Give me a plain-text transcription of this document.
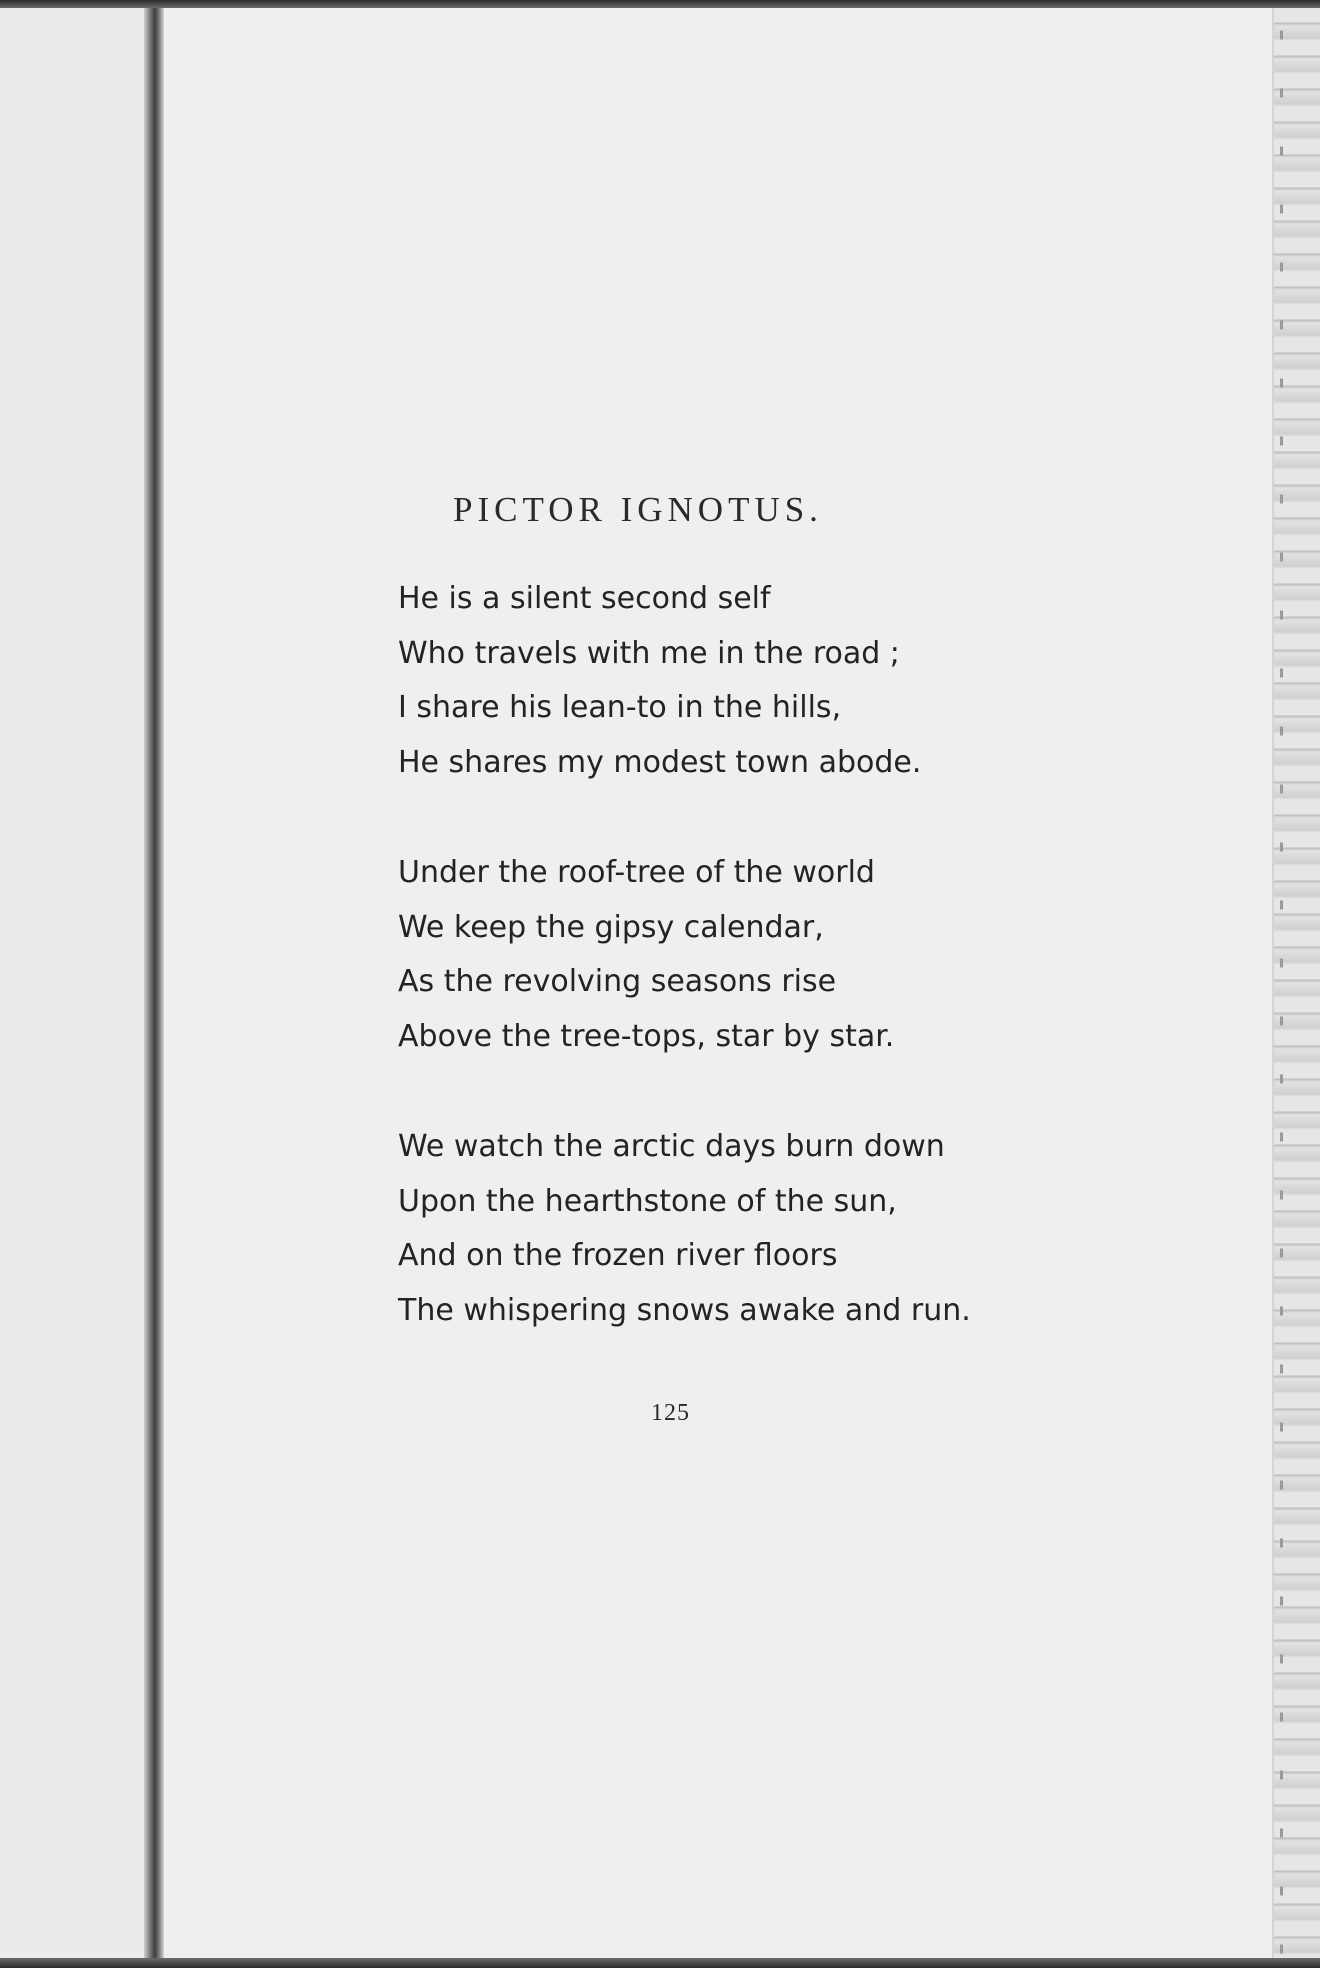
PICTOR IGNOTUS.
He is a silent second self
Who travels with me in the road ;
I share his lean-to in the hills,
He shares my modest town abode.
Under the roof-tree of the world
We keep the gipsy calendar,
As the revolving seasons rise
Above the tree-tops, star by star.
We watch the arctic days burn down
Upon the hearthstone of the sun,
And on the frozen river floors
The whispering snows awake and run.
125
